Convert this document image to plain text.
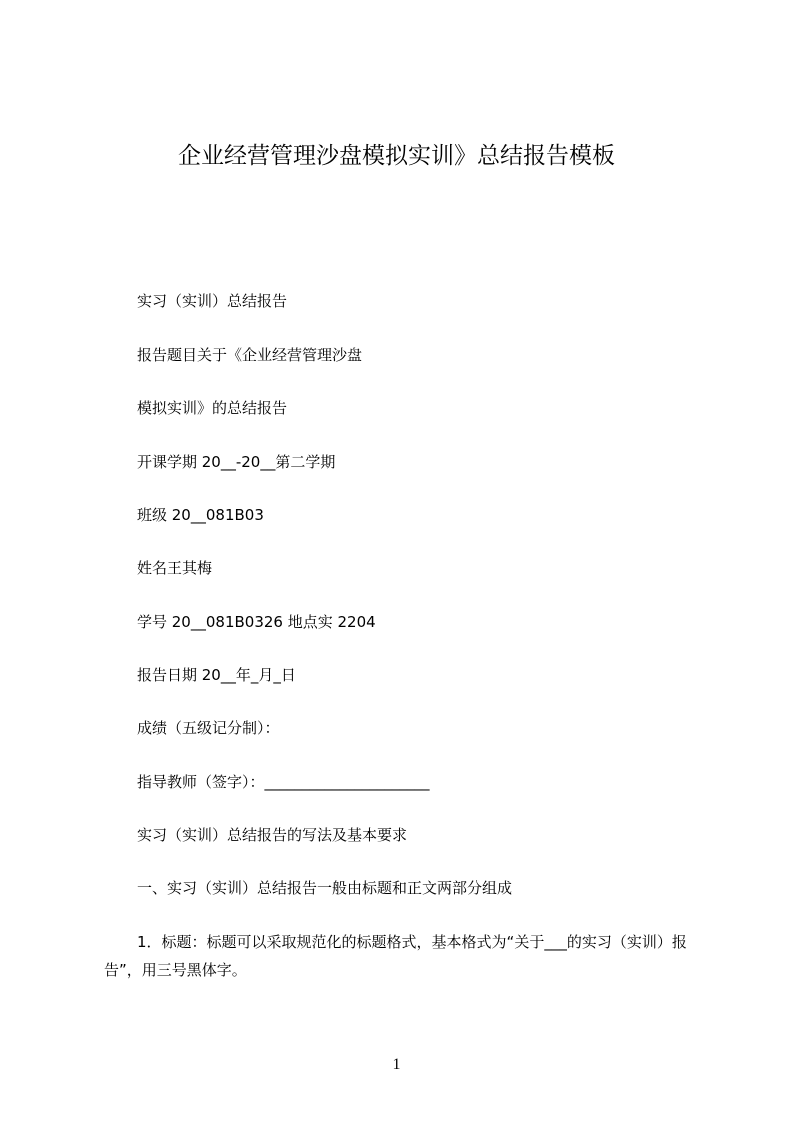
企业经营管理沙盘模拟实训》总结报告模板
实习（实训）总结报告
报告题目关于《企业经营管理沙盘
模拟实训》的总结报告
开课学期 20__-20__第二学期
班级 20__081B03
姓名王其梅
学号 20__081B0326 地点实 2204
报告日期 20__年_月_日
成绩（五级记分制）：
指导教师（签字）：______________________
实习（实训）总结报告的写法及基本要求
一、实习（实训）总结报告一般由标题和正文两部分组成
1．标题：标题可以采取规范化的标题格式，基本格式为“关于___的实习（实训）报告”，用三号黑体字。
1
